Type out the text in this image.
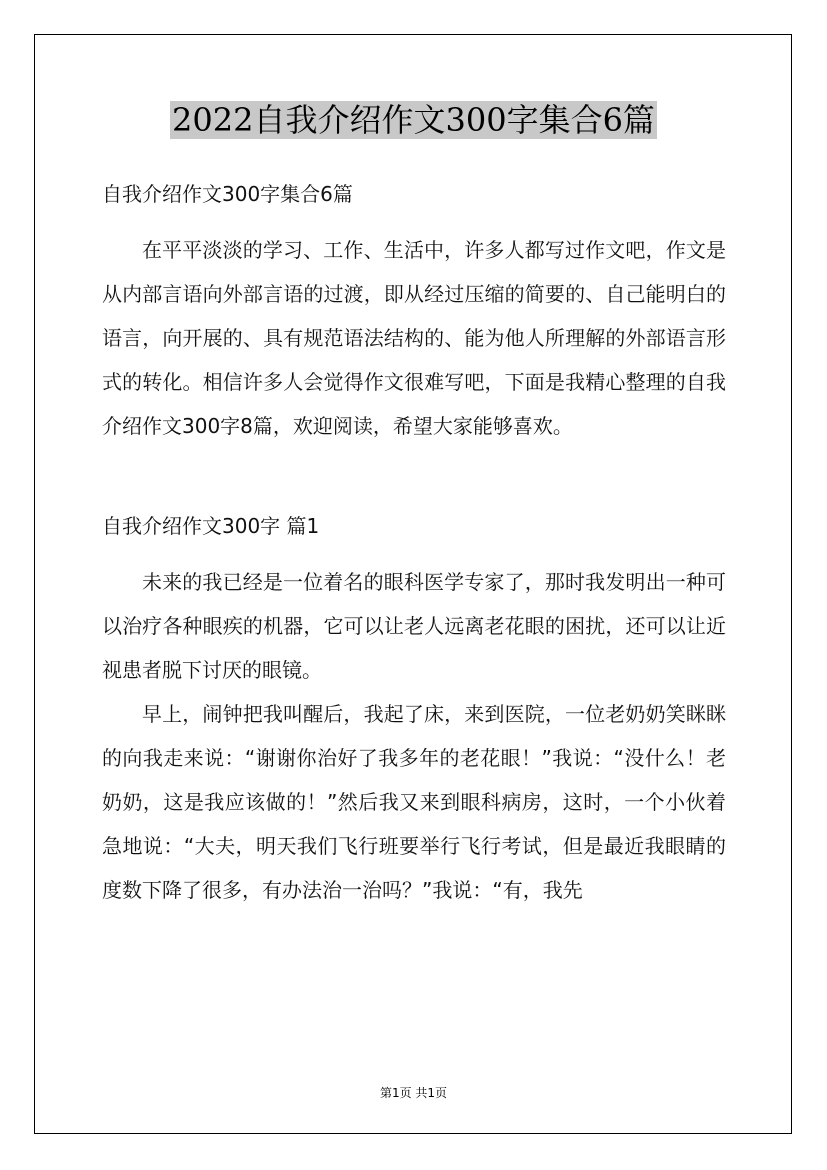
2022自我介绍作文300字集合6篇
自我介绍作文300字集合6篇

在平平淡淡的学习、工作、生活中，许多人都写过作文吧，作文是从内部言语向外部言语的过渡，即从经过压缩的简要的、自己能明白的语言，向开展的、具有规范语法结构的、能为他人所理解的外部语言形式的转化。相信许多人会觉得作文很难写吧，下面是我精心整理的自我介绍作文300字8篇，欢迎阅读，希望大家能够喜欢。

自我介绍作文300字 篇1

未来的我已经是一位着名的眼科医学专家了，那时我发明出一种可以治疗各种眼疾的机器，它可以让老人远离老花眼的困扰，还可以让近视患者脱下讨厌的眼镜。

早上，闹钟把我叫醒后，我起了床，来到医院，一位老奶奶笑眯眯的向我走来说：“谢谢你治好了我多年的老花眼！”我说：“没什么！老奶奶，这是我应该做的！”然后我又来到眼科病房，这时，一个小伙着急地说：“大夫，明天我们飞行班要举行飞行考试，但是最近我眼睛的度数下降了很多，有办法治一治吗？”我说：“有，我先

第1页 共1页
